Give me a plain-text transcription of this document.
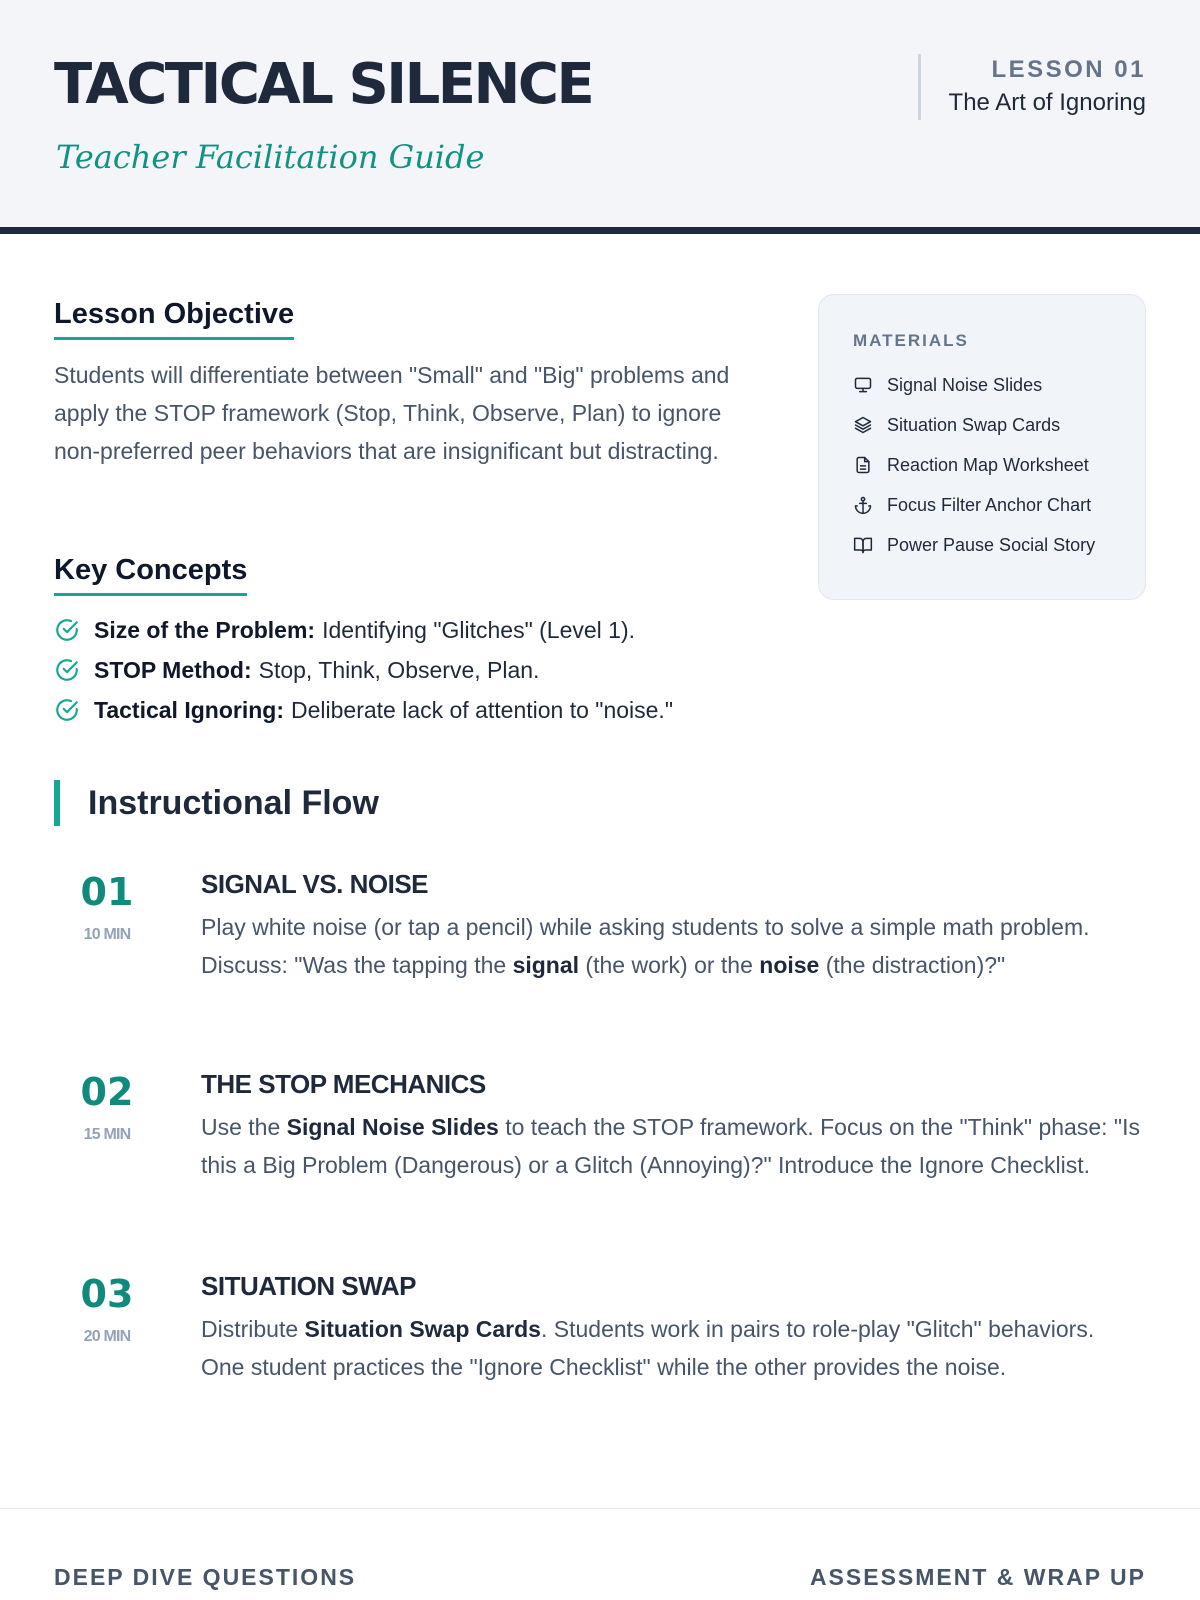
TACTICAL SILENCE
Teacher Facilitation Guide
LESSON 01
The Art of Ignoring
Lesson Objective
Students will differentiate between "Small" and "Big" problems and apply the STOP framework (Stop, Think, Observe, Plan) to ignore non-preferred peer behaviors that are insignificant but distracting.
Key Concepts
Size of the Problem: Identifying "Glitches" (Level 1).
STOP Method: Stop, Think, Observe, Plan.
Tactical Ignoring: Deliberate lack of attention to "noise."
MATERIALS
Signal Noise Slides
Situation Swap Cards
Reaction Map Worksheet
Focus Filter Anchor Chart
Power Pause Social Story
Instructional Flow
01
10 MIN
SIGNAL VS. NOISE
Play white noise (or tap a pencil) while asking students to solve a simple math problem. Discuss: "Was the tapping the signal (the work) or the noise (the distraction)?"
02
15 MIN
THE STOP MECHANICS
Use the Signal Noise Slides to teach the STOP framework. Focus on the "Think" phase: "Is this a Big Problem (Dangerous) or a Glitch (Annoying)?" Introduce the Ignore Checklist.
03
20 MIN
SITUATION SWAP
Distribute Situation Swap Cards. Students work in pairs to role-play "Glitch" behaviors. One student practices the "Ignore Checklist" while the other provides the noise.
DEEP DIVE QUESTIONS	ASSESSMENT & WRAP UP
